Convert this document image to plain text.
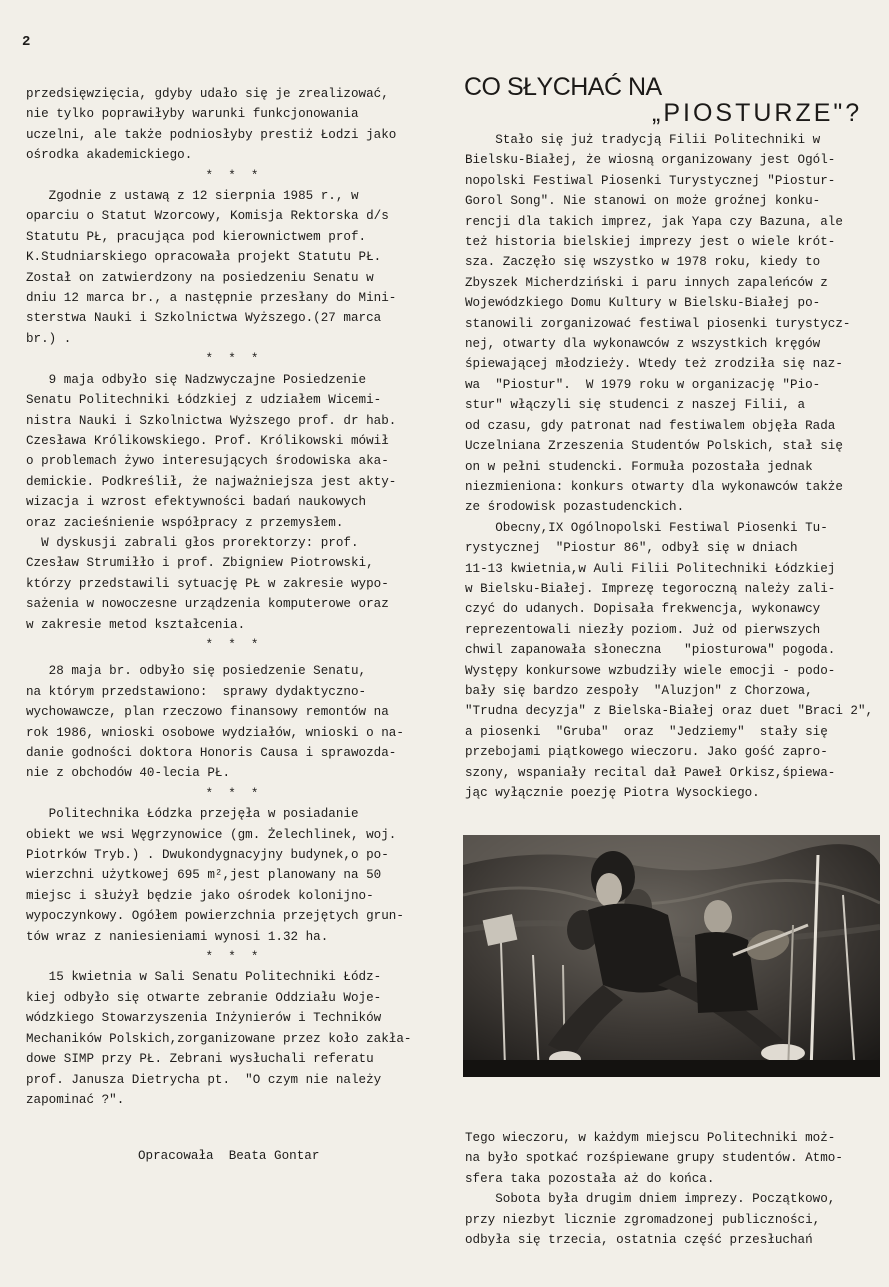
2

przedsięwzięcia, gdyby udało się je zrealizować,
nie tylko poprawiłyby warunki funkcjonowania
uczelni, ale także podniosłyby prestiż Łodzi jako
ośrodka akademickiego.

*  *  *

Zgodnie z ustawą z 12 sierpnia 1985 r., w
oparciu o Statut Wzorcowy, Komisja Rektorska d/s
Statutu PŁ, pracująca pod kierownictwem prof.
K.Studniarskiego opracowała projekt Statutu PŁ.
Został on zatwierdzony na posiedzeniu Senatu w
dniu 12 marca br., a następnie przesłany do Mini-
sterstwa Nauki i Szkolnictwa Wyższego.(27 marca
br.) .

*  *  *

9 maja odbyło się Nadzwyczajne Posiedzenie
Senatu Politechniki Łódzkiej z udziałem Wicemi-
nistra Nauki i Szkolnictwa Wyższego prof. dr hab.
Czesława Królikowskiego. Prof. Królikowski mówił
o problemach żywo interesujących środowiska aka-
demickie. Podkreślił, że najważniejsza jest akty-
wizacja i wzrost efektywności badań naukowych
oraz zacieśnienie współpracy z przemysłem.
W dyskusji zabrali głos prorektorzy: prof.
Czesław Strumiłło i prof. Zbigniew Piotrowski,
którzy przedstawili sytuację PŁ w zakresie wypo-
sażenia w nowoczesne urządzenia komputerowe oraz
w zakresie metod kształcenia.

*  *  *

28 maja br. odbyło się posiedzenie Senatu,
na którym przedstawiono:  sprawy dydaktyczno-
wychowawcze, plan rzeczowo finansowy remontów na
rok 1986, wnioski osobowe wydziałów, wnioski o na-
danie godności doktora Honoris Causa i sprawozda-
nie z obchodów 40-lecia PŁ.

*  *  *

Politechnika Łódzka przejęła w posiadanie
obiekt we wsi Węgrzynowice (gm. Żelechlinek, woj.
Piotrków Tryb.) . Dwukondygnacyjny budynek,o po-
wierzchni użytkowej 695 m²,jest planowany na 50
miejsc i służył będzie jako ośrodek kolonijno-
wypoczynkowy. Ogółem powierzchnia przejętych grun-
tów wraz z naniesieniami wynosi 1.32 ha.

*  *  *

15 kwietnia w Sali Senatu Politechniki Łódz-
kiej odbyło się otwarte zebranie Oddziału Woje-
wódzkiego Stowarzyszenia Inżynierów i Techników
Mechaników Polskich,zorganizowane przez koło zakła-
dowe SIMP przy PŁ. Zebrani wysłuchali referatu
prof. Janusza Dietrycha pt.  "O czym nie należy
zapominać ?".

Opracowała  Beata Gontar

CO SŁYCHAĆ NA
„PIOSTURZE"?

Stało się już tradycją Filii Politechniki w
Bielsku-Białej, że wiosną organizowany jest Ogól-
nopolski Festiwal Piosenki Turystycznej "Piostur-
Gorol Song". Nie stanowi on może groźnej konku-
rencji dla takich imprez, jak Yapa czy Bazuna, ale
też historia bielskiej imprezy jest o wiele krót-
sza. Zaczęło się wszystko w 1978 roku, kiedy to
Zbyszek Micherdziński i paru innych zapaleńców z
Wojewódzkiego Domu Kultury w Bielsku-Białej po-
stanowili zorganizować festiwal piosenki turystycz-
nej, otwarty dla wykonawców z wszystkich kręgów
śpiewającej młodzieży. Wtedy też zrodziła się naz-
wa  "Piostur".  W 1979 roku w organizację "Pio-
stur" włączyli się studenci z naszej Filii, a
od czasu, gdy patronat nad festiwalem objęła Rada
Uczelniana Zrzeszenia Studentów Polskich, stał się
on w pełni studencki. Formuła pozostała jednak
niezmieniona: konkurs otwarty dla wykonawców także
ze środowisk pozastudenckich.

Obecny,IX Ogólnopolski Festiwal Piosenki Tu-
rystycznej  "Piostur 86", odbył się w dniach
11-13 kwietnia,w Auli Filii Politechniki Łódzkiej
w Bielsku-Białej. Imprezę tegoroczną należy zali-
czyć do udanych. Dopisała frekwencja, wykonawcy
reprezentowali niezły poziom. Już od pierwszych
chwil zapanowała słoneczna   "piosturowa" pogoda.
Występy konkursowe wzbudziły wiele emocji - podo-
bały się bardzo zespoły  "Aluzjon" z Chorzowa,
"Trudna decyzja" z Bielska-Białej oraz duet "Braci 2",
a piosenki  "Gruba"  oraz  "Jedziemy"  stały się
przebojami piątkowego wieczoru. Jako gość zapro-
szony, wspaniały recital dał Paweł Orkisz,śpiewa-
jąc wyłącznie poezję Piotra Wysockiego.

Tego wieczoru, w każdym miejscu Politechniki moż-
na było spotkać rozśpiewane grupy studentów. Atmo-
sfera taka pozostała aż do końca.

Sobota była drugim dniem imprezy. Początkowo,
przy niezbyt licznie zgromadzonej publiczności,
odbyła się trzecia, ostatnia część przesłuchań
